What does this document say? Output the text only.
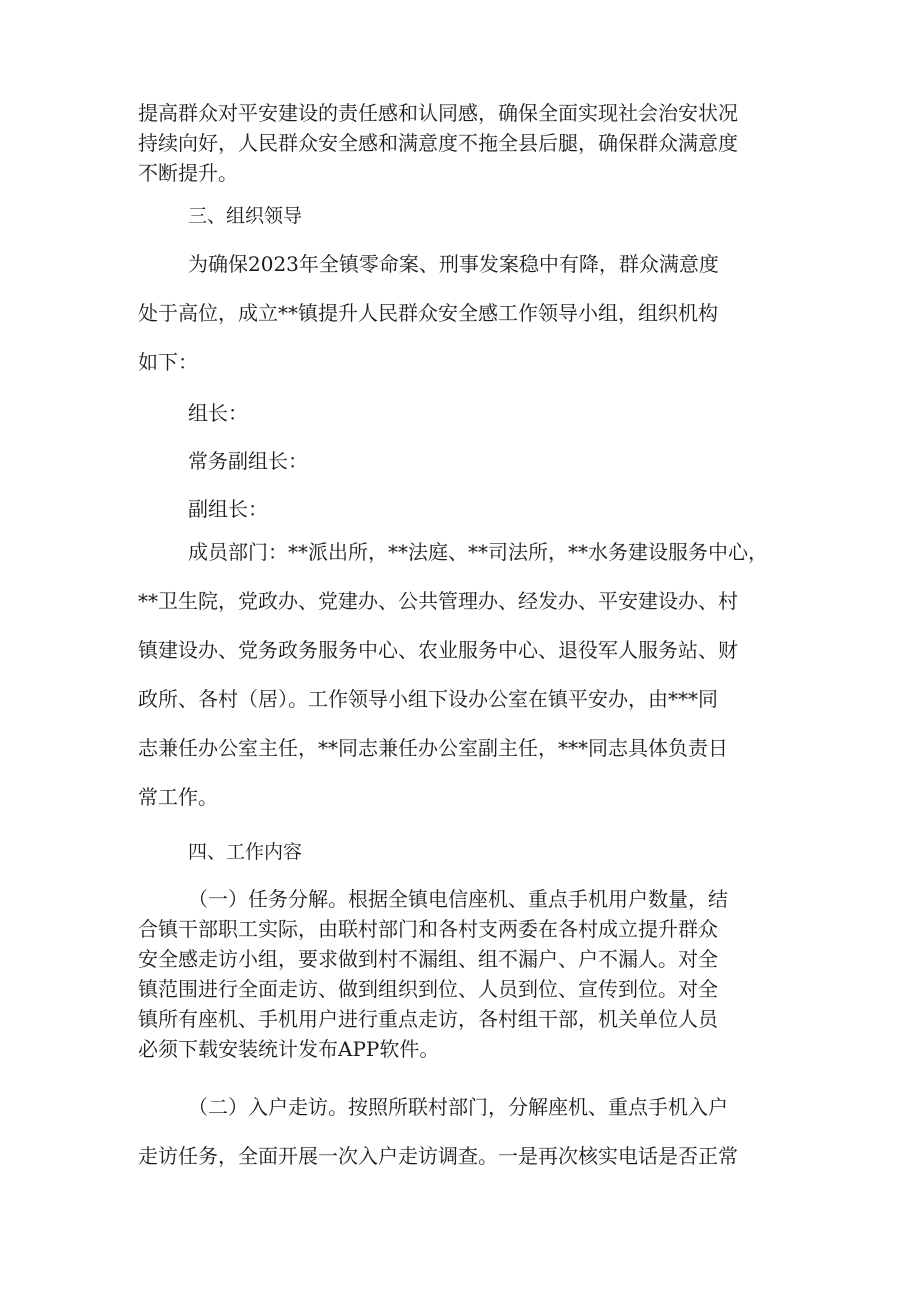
提高群众对平安建设的责任感和认同感，确保全面实现社会治安状况
持续向好，人民群众安全感和满意度不拖全县后腿，确保群众满意度
不断提升。
三、组织领导
为确保2023年全镇零命案、刑事发案稳中有降，群众满意度
处于高位，成立**镇提升人民群众安全感工作领导小组，组织机构
如下：
组长：
常务副组长：
副组长：
成员部门：**派出所，**法庭、**司法所，**水务建设服务中心，
**卫生院，党政办、党建办、公共管理办、经发办、平安建设办、村
镇建设办、党务政务服务中心、农业服务中心、退役军人服务站、财
政所、各村（居）。工作领导小组下设办公室在镇平安办，由***同
志兼任办公室主任，**同志兼任办公室副主任，***同志具体负责日
常工作。
四、工作内容
（一）任务分解。根据全镇电信座机、重点手机用户数量，结
合镇干部职工实际，由联村部门和各村支两委在各村成立提升群众
安全感走访小组，要求做到村不漏组、组不漏户、户不漏人。对全
镇范围进行全面走访、做到组织到位、人员到位、宣传到位。对全
镇所有座机、手机用户进行重点走访，各村组干部，机关单位人员
必须下载安装统计发布APP软件。
（二）入户走访。按照所联村部门，分解座机、重点手机入户
走访任务，全面开展一次入户走访调查。一是再次核实电话是否正常
